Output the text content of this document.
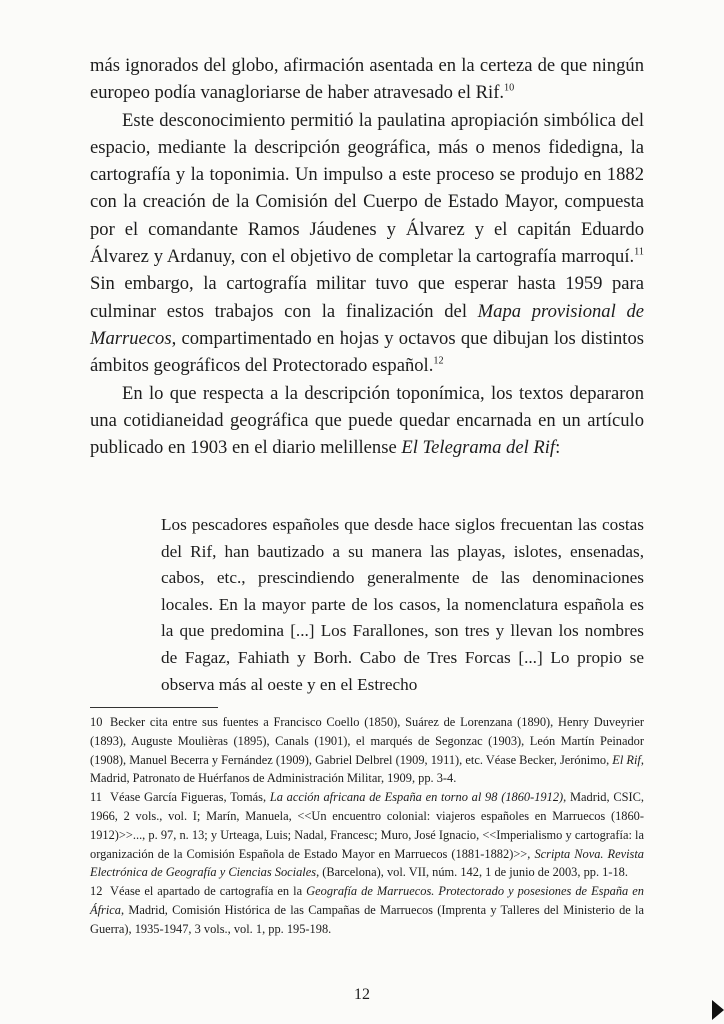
más ignorados del globo, afirmación asentada en la certeza de que ningún europeo podía vanagloriarse de haber atravesado el Rif.$^{10}$

Este desconocimiento permitió la paulatina apropiación simbólica del espacio, mediante la descripción geográfica, más o menos fidedigna, la cartografía y la toponimia. Un impulso a este proceso se produjo en 1882 con la creación de la Comisión del Cuerpo de Estado Mayor, compuesta por el comandante Ramos Jáudenes y Álvarez y el capitán Eduardo Álvarez y Ardanuy, con el objetivo de completar la cartografía marroquí.$^{11}$ Sin embargo, la cartografía militar tuvo que esperar hasta 1959 para culminar estos trabajos con la finalización del Mapa provisional de Marruecos, compartimentado en hojas y octavos que dibujan los distintos ámbitos geográficos del Protectorado español.$^{12}$

En lo que respecta a la descripción toponímica, los textos depararon una cotidianeidad geográfica que puede quedar encarnada en un artículo publicado en 1903 en el diario melillense El Telegrama del Rif:

Los pescadores españoles que desde hace siglos frecuentan las costas del Rif, han bautizado a su manera las playas, islotes, ensenadas, cabos, etc., prescindiendo generalmente de las denominaciones locales. En la mayor parte de los casos, la nomenclatura española es la que predomina [...] Los Farallones, son tres y llevan los nombres de Fagaz, Fahiath y Borh. Cabo de Tres Forcas [...] Lo propio se observa más al oeste y en el Estrecho

10 Becker cita entre sus fuentes a Francisco Coello (1850), Suárez de Lorenzana (1890), Henry Duveyrier (1893), Auguste Moulièras (1895), Canals (1901), el marqués de Segonzac (1903), León Martín Peinador (1908), Manuel Becerra y Fernández (1909), Gabriel Delbrel (1909, 1911), etc. Véase Becker, Jerónimo, El Rif, Madrid, Patronato de Huérfanos de Administración Militar, 1909, pp. 3-4.

11 Véase García Figueras, Tomás, La acción africana de España en torno al 98 (1860-1912), Madrid, CSIC, 1966, 2 vols., vol. I; Marín, Manuela, <<Un encuentro colonial: viajeros españoles en Marruecos (1860-1912)>>..., p. 97, n. 13; y Urteaga, Luis; Nadal, Francesc; Muro, José Ignacio, <<Imperialismo y cartografía: la organización de la Comisión Española de Estado Mayor en Marruecos (1881-1882)>>, Scripta Nova. Revista Electrónica de Geografía y Ciencias Sociales, (Barcelona), vol. VII, núm. 142, 1 de junio de 2003, pp. 1-18.

12 Véase el apartado de cartografía en la Geografía de Marruecos. Protectorado y posesiones de España en África, Madrid, Comisión Histórica de las Campañas de Marruecos (Imprenta y Talleres del Ministerio de la Guerra), 1935-1947, 3 vols., vol. 1, pp. 195-198.

12
